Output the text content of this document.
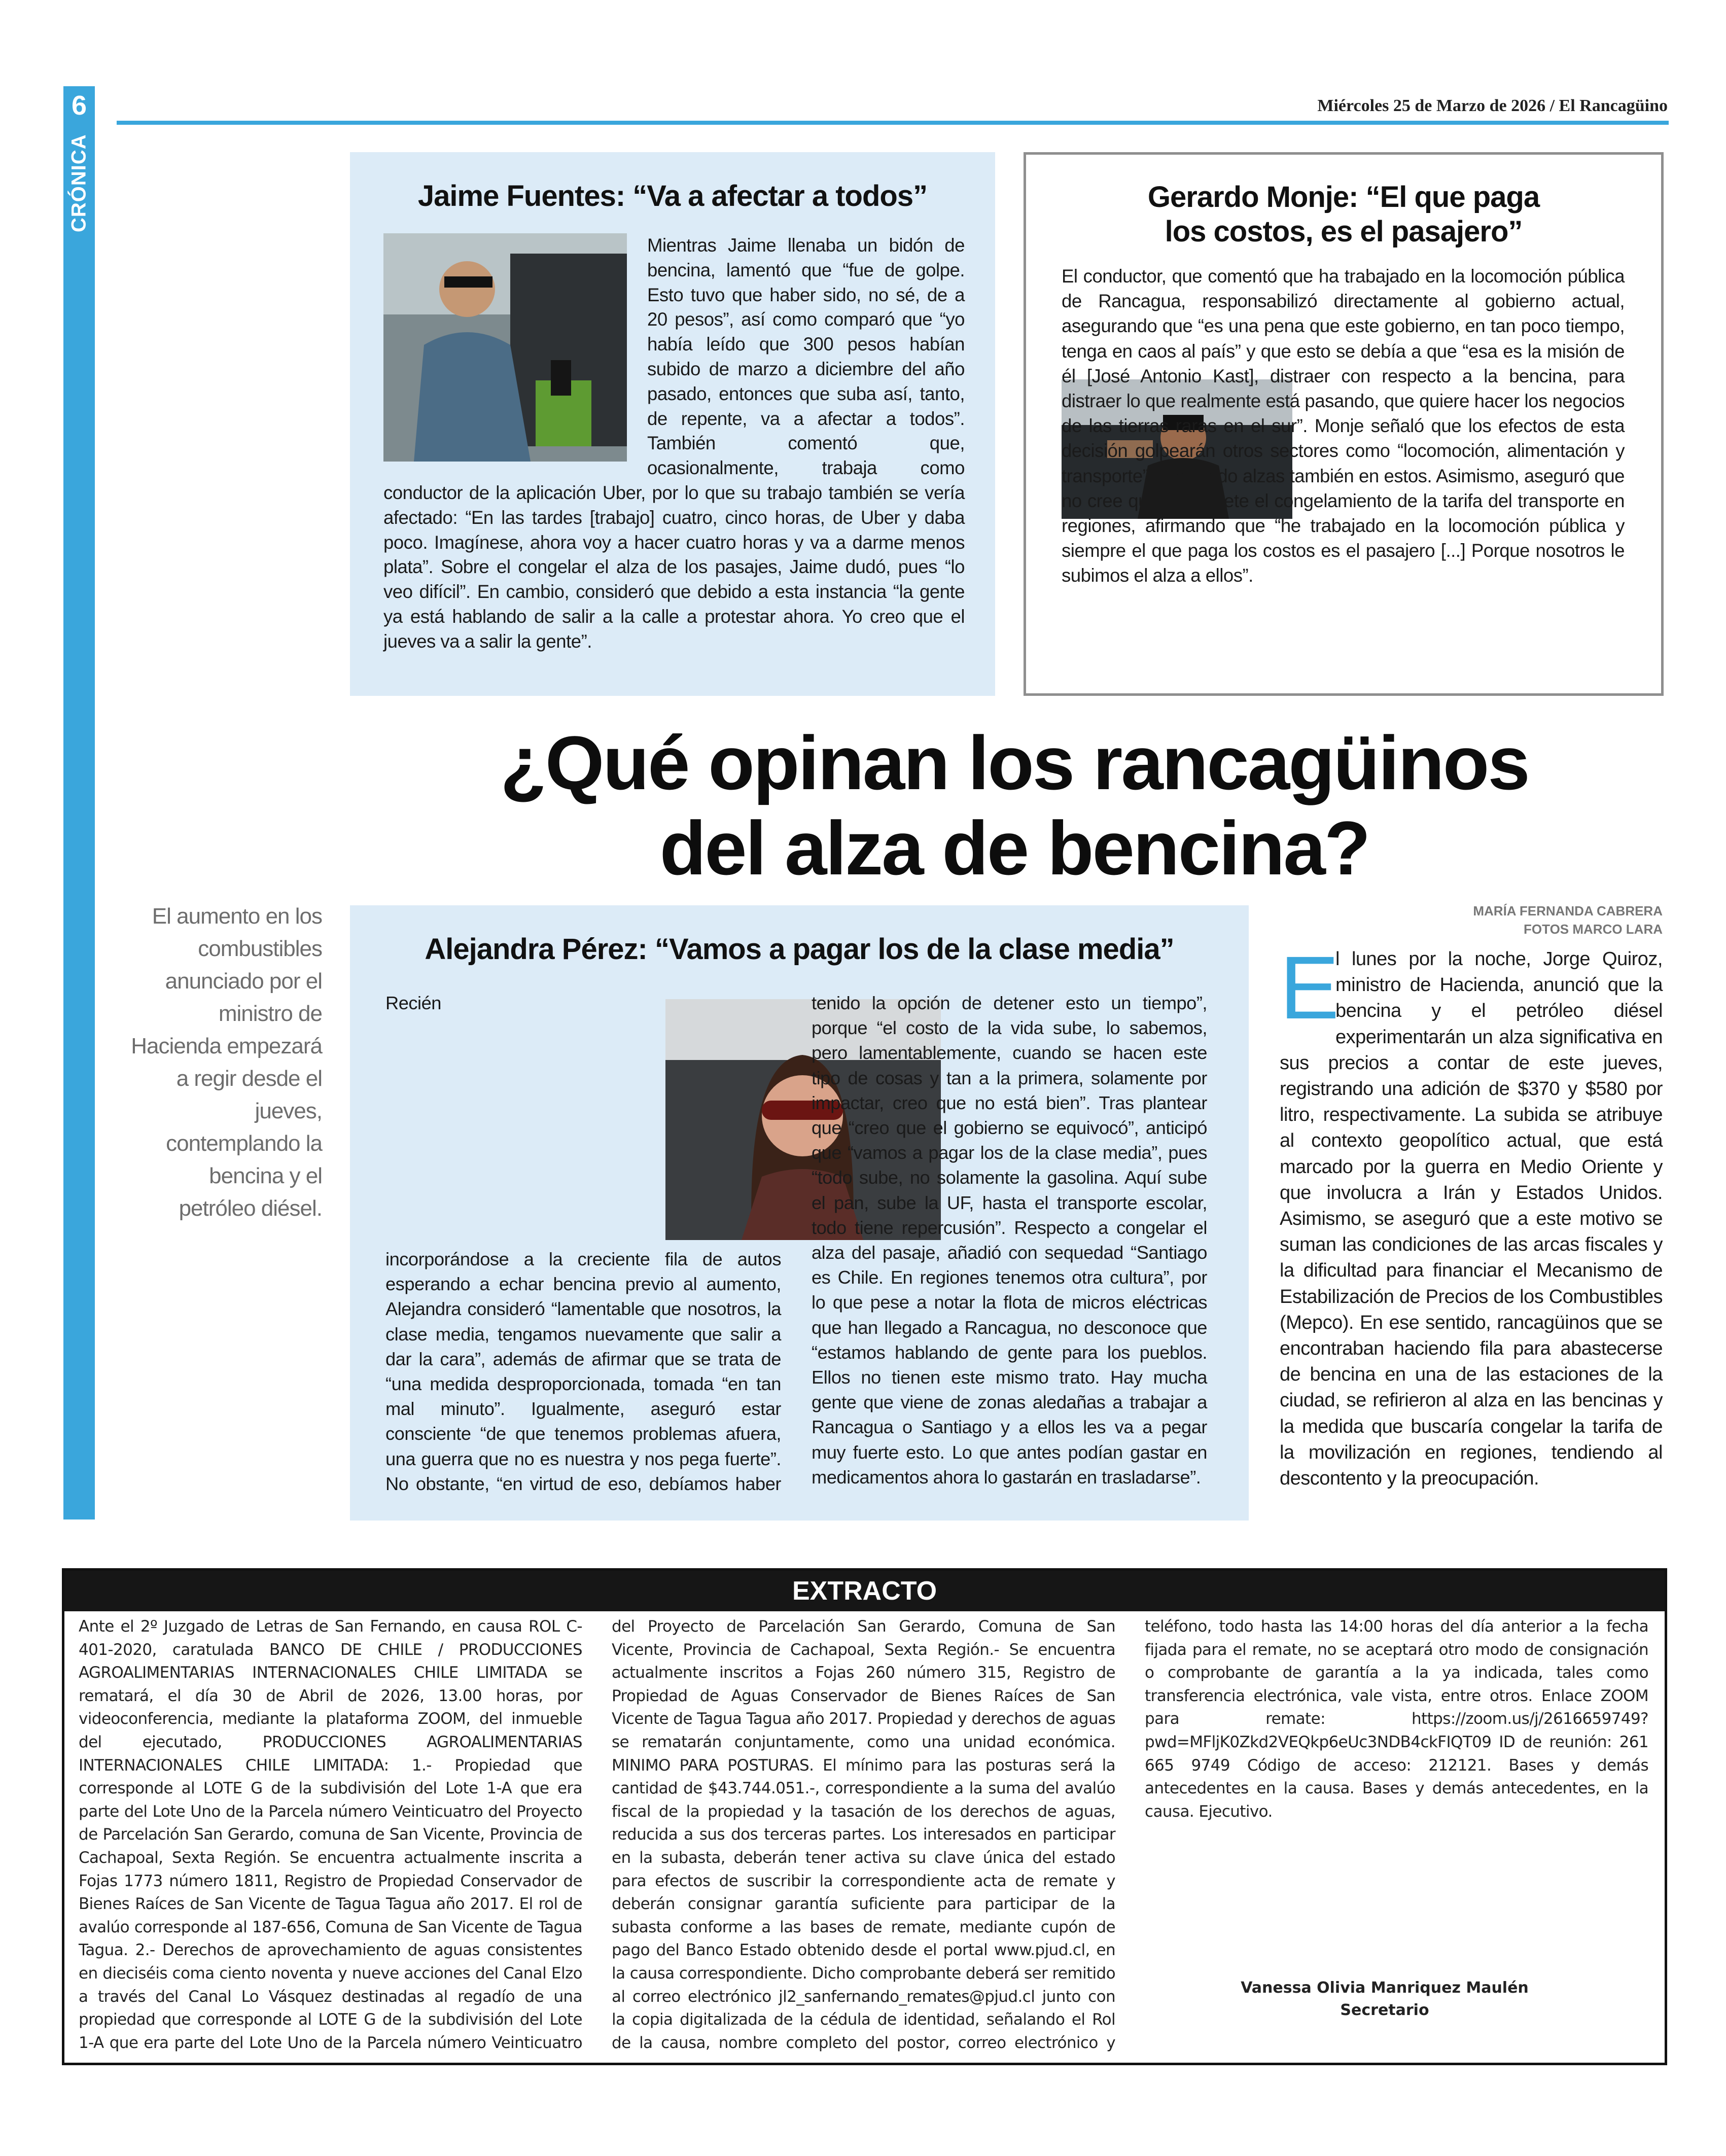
6
CRÓNICA
Miércoles 25 de Marzo de 2026 / El Rancagüino
Jaime Fuentes: “Va a afectar a todos”

Mientras Jaime llenaba un bidón de bencina, lamentó que “fue de golpe. Esto tuvo que haber sido, no sé, de a 20 pesos”, así como comparó que “yo había leído que 300 pesos habían subido de marzo a diciembre del año pasado, entonces que suba así, tanto, de repente, va a afectar a todos”. También comentó que, ocasionalmente, trabaja como conductor de la aplicación Uber, por lo que su trabajo también se vería afectado: “En las tardes [trabajo] cuatro, cinco horas, de Uber y daba poco. Imagínese, ahora voy a hacer cuatro horas y va a darme menos plata”. Sobre el congelar el alza de los pasajes, Jaime dudó, pues “lo veo difícil”. En cambio, consideró que debido a esta instancia “la gente ya está hablando de salir a la calle a protestar ahora. Yo creo que el jueves va a salir la gente”.

Gerardo Monje: “El que paga
los costos, es el pasajero”

El conductor, que comentó que ha trabajado en la locomoción pública de Rancagua, responsabilizó directamente al gobierno actual, asegurando que “es una pena que este gobierno, en tan poco tiempo, tenga en caos al país” y que esto se debía a que “esa es la misión de él [José Antonio Kast], distraer con respecto a la bencina, para distraer lo que realmente está pasando, que quiere hacer los negocios de las tierras raras en el sur”. Monje señaló que los efectos de esta decisión golpearán otros sectores como “locomoción, alimentación y transporte”, previendo alzas también en estos. Asimismo, aseguró que no cree que se respete el congelamiento de la tarifa del transporte en regiones, afirmando que “he trabajado en la locomoción pública y siempre el que paga los costos es el pasajero [...] Porque nosotros le subimos el alza a ellos”.

¿Qué opinan los rancagüinos
del alza de bencina?
El aumento en los combustibles anunciado por el ministro de Hacienda empezará a regir desde el jueves, contemplando la bencina y el petróleo diésel.
Alejandra Pérez: “Vamos a pagar los de la clase media”

Recién incorporándose a la creciente fila de autos esperando a echar bencina previo al aumento, Alejandra consideró “lamentable que nosotros, la clase media, tengamos nuevamente que salir a dar la cara”, además de afirmar que se trata de “una medida desproporcionada, tomada “en tan mal minuto”. Igualmente, aseguró estar consciente “de que tenemos problemas afuera, una guerra que no es nuestra y nos pega fuerte”. No obstante, “en virtud de eso, debíamos haber tenido la opción de detener esto un tiempo”, porque “el costo de la vida sube, lo sabemos, pero lamentablemente, cuando se hacen este tipo de cosas y tan a la primera, solamente por impactar, creo que no está bien”. Tras plantear que “creo que el gobierno se equivocó”, anticipó que “vamos a pagar los de la clase media”, pues “todo sube, no solamente la gasolina. Aquí sube el pan, sube la UF, hasta el transporte escolar, todo tiene repercusión”. Respecto a congelar el alza del pasaje, añadió con sequedad “Santiago es Chile. En regiones tenemos otra cultura”, por lo que pese a notar la flota de micros eléctricas que han llegado a Rancagua, no desconoce que “estamos hablando de gente para los pueblos. Ellos no tienen este mismo trato. Hay mucha gente que viene de zonas aledañas a trabajar a Rancagua o Santiago y a ellos les va a pegar muy fuerte esto. Lo que antes podían gastar en medicamentos ahora lo gastarán en trasladarse”.

MARÍA FERNANDA CABRERA
FOTOS MARCO LARA
E

l lunes por la noche, Jorge Quiroz, ministro de Hacienda, anunció que la bencina y el petróleo diésel experimentarán un alza significativa en sus precios a contar de este jueves, registrando una adición de $370 y $580 por litro, respectivamente. La subida se atribuye al contexto geopolítico actual, que está marcado por la guerra en Medio Oriente y que involucra a Irán y Estados Unidos. Asimismo, se aseguró que a este motivo se suman las condiciones de las arcas fiscales y la dificultad para financiar el Mecanismo de Estabilización de Precios de los Combustibles (Mepco). En ese sentido, rancagüinos que se encontraban haciendo fila para abastecerse de bencina en una de las estaciones de la ciudad, se refirieron al alza en las bencinas y la medida que buscaría congelar la tarifa de la movilización en regiones, tendiendo al descontento y la preocupación.

EXTRACTO

Ante el 2º Juzgado de Letras de San Fernando, en causa ROL C-401-2020, caratulada BANCO DE CHILE / PRODUCCIONES AGROALIMENTARIAS INTERNACIONALES CHILE LIMITADA se rematará, el día 30 de Abril de 2026, 13.00 horas, por videoconferencia, mediante la plataforma ZOOM, del inmueble del ejecutado, PRODUCCIONES AGROALIMENTARIAS INTERNACIONALES CHILE LIMITADA: 1.- Propiedad que corresponde al LOTE G de la subdivisión del Lote 1-A que era parte del Lote Uno de la Parcela número Veinticuatro del Proyecto de Parcelación San Gerardo, comuna de San Vicente, Provincia de Cachapoal, Sexta Región. Se encuentra actualmente inscrita a Fojas 1773 número 1811, Registro de Propiedad Conservador de Bienes Raíces de San Vicente de Tagua Tagua año 2017. El rol de avalúo corresponde al 187-656, Comuna de San Vicente de Tagua Tagua. 2.- Derechos de aprovechamiento de aguas consistentes en dieciséis coma ciento noventa y nueve acciones del Canal Elzo a través del Canal Lo Vásquez destinadas al regadío de una propiedad que corresponde al LOTE G de la subdivisión del Lote 1-A que era parte del Lote Uno de la Parcela número Veinticuatro del Proyecto de Parcelación San Gerardo, Comuna de San Vicente, Provincia de Cachapoal, Sexta Región.- Se encuentra actualmente inscritos a Fojas 260 número 315, Registro de Propiedad de Aguas Conservador de Bienes Raíces de San Vicente de Tagua Tagua año 2017. Propiedad y derechos de aguas se rematarán conjuntamente, como una unidad económica. MINIMO PARA POSTURAS. El mínimo para las posturas será la cantidad de $43.744.051.-, correspondiente a la suma del avalúo fiscal de la propiedad y la tasación de los derechos de aguas, reducida a sus dos terceras partes. Los interesados en participar en la subasta, deberán tener activa su clave única del estado para efectos de suscribir la correspondiente acta de remate y deberán consignar garantía suficiente para participar de la subasta conforme a las bases de remate, mediante cupón de pago del Banco Estado obtenido desde el portal www.pjud.cl, en la causa correspondiente. Dicho comprobante deberá ser remitido al correo electrónico jl2_sanfernando_remates@pjud.cl junto con la copia digitalizada de la cédula de identidad, señalando el Rol de la causa, nombre completo del postor, correo electrónico y teléfono, todo hasta las 14:00 horas del día anterior a la fecha fijada para el remate, no se aceptará otro modo de consignación o comprobante de garantía a la ya indicada, tales como transferencia electrónica, vale vista, entre otros. Enlace ZOOM para remate: https://zoom.us/j/2616659749?pwd=MFljK0Zkd2VEQkp6eUc3NDB4ckFIQT09 ID de reunión: 261 665 9749 Código de acceso: 212121. Bases y demás antecedentes en la causa. Bases y demás antecedentes, en la causa. Ejecutivo.

Vanessa Olivia Manriquez Maulén
Secretario
